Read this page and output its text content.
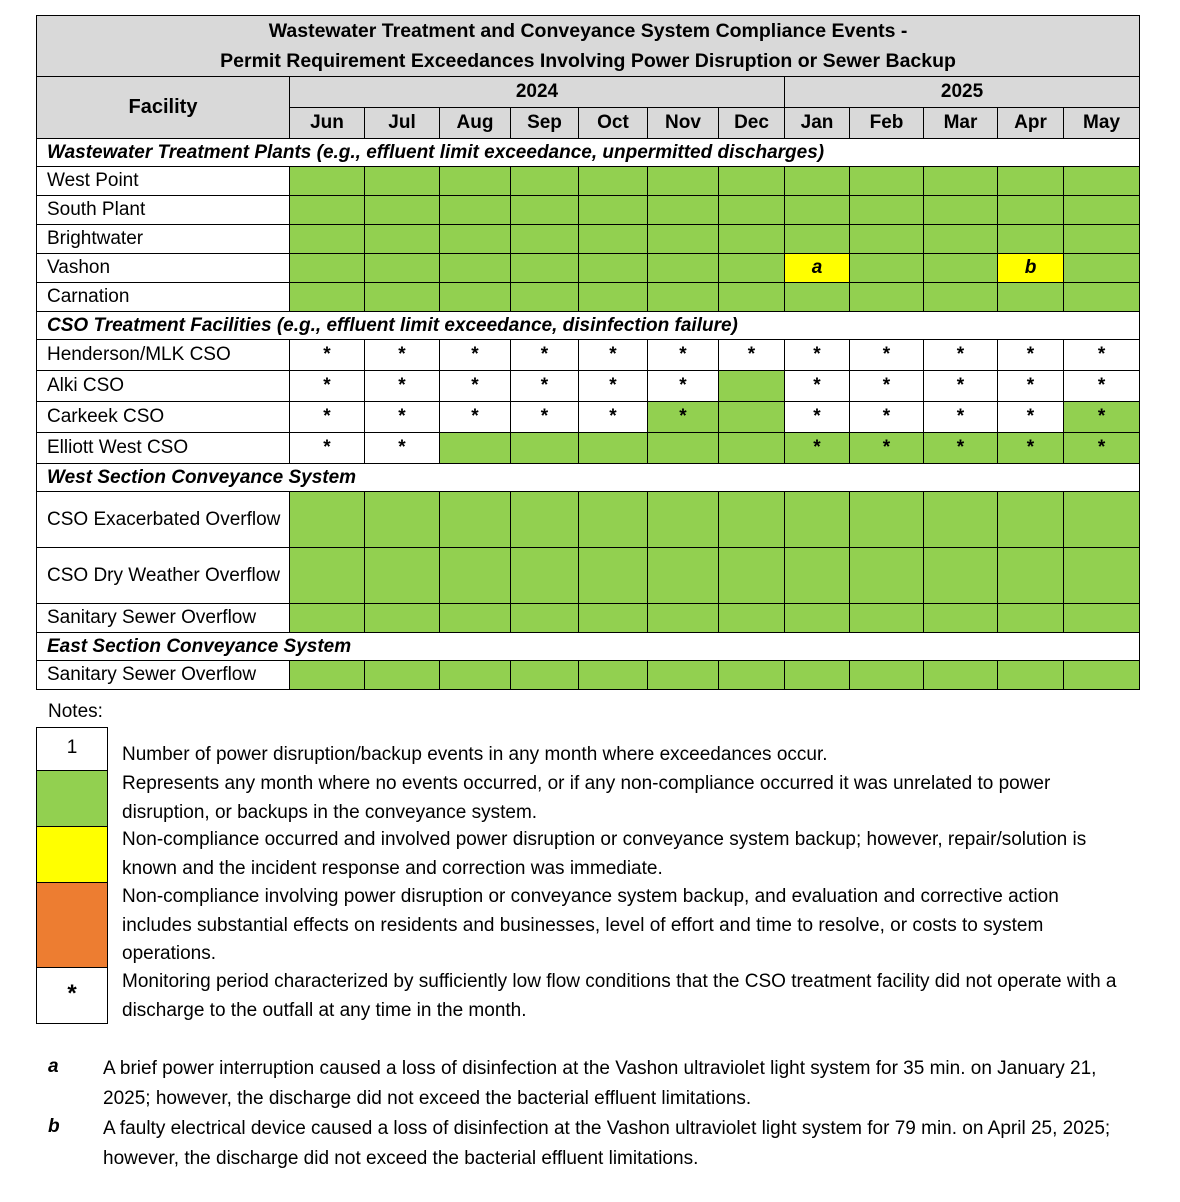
Wastewater Treatment and Conveyance System Compliance Events -
Permit Requirement Exceedances Involving Power Disruption or Sewer Backup												

Facility	2024							2025				
	Jun	Jul	Aug	Sep	Oct	Nov	Dec	Jan	Feb	Mar	Apr	May
Wastewater Treatment Plants (e.g., effluent limit exceedance, unpermitted discharges)												
West Point												
South Plant												
Brightwater												
Vashon								a			b	
Carnation												
CSO Treatment Facilities (e.g., effluent limit exceedance, disinfection failure)												
Henderson/MLK CSO	*	*	*	*	*	*	*	*	*	*	*	*
Alki CSO	*	*	*	*	*	*		*	*	*	*	*
Carkeek CSO	*	*	*	*	*	*		*	*	*	*	*
Elliott West CSO	*	*						*	*	*	*	*
West Section Conveyance System												
CSO Exacerbated Overflow												
CSO Dry Weather Overflow												
Sanitary Sewer Overflow												
East Section Conveyance System												
Sanitary Sewer Overflow												
Notes:
1	Number of power disruption/backup events in any month where exceedances occur.
Represents any month where no events occurred, or if any non-compliance occurred it was unrelated to power disruption, or backups in the conveyance system.
Non-compliance occurred and involved power disruption or conveyance system backup; however, repair/solution is known and the incident response and correction was immediate.
Non-compliance involving power disruption or conveyance system backup, and evaluation and corrective action includes substantial effects on residents and businesses, level of effort and time to resolve, or costs to system operations.
*	Monitoring period characterized by sufficiently low flow conditions that the CSO treatment facility did not operate with a discharge to the outfall at any time in the month.
a A brief power interruption caused a loss of disinfection at the Vashon ultraviolet light system for 35 min. on January 21, 2025; however, the discharge did not exceed the bacterial effluent limitations.
b A faulty electrical device caused a loss of disinfection at the Vashon ultraviolet light system for 79 min. on April 25, 2025; however, the discharge did not exceed the bacterial effluent limitations.
